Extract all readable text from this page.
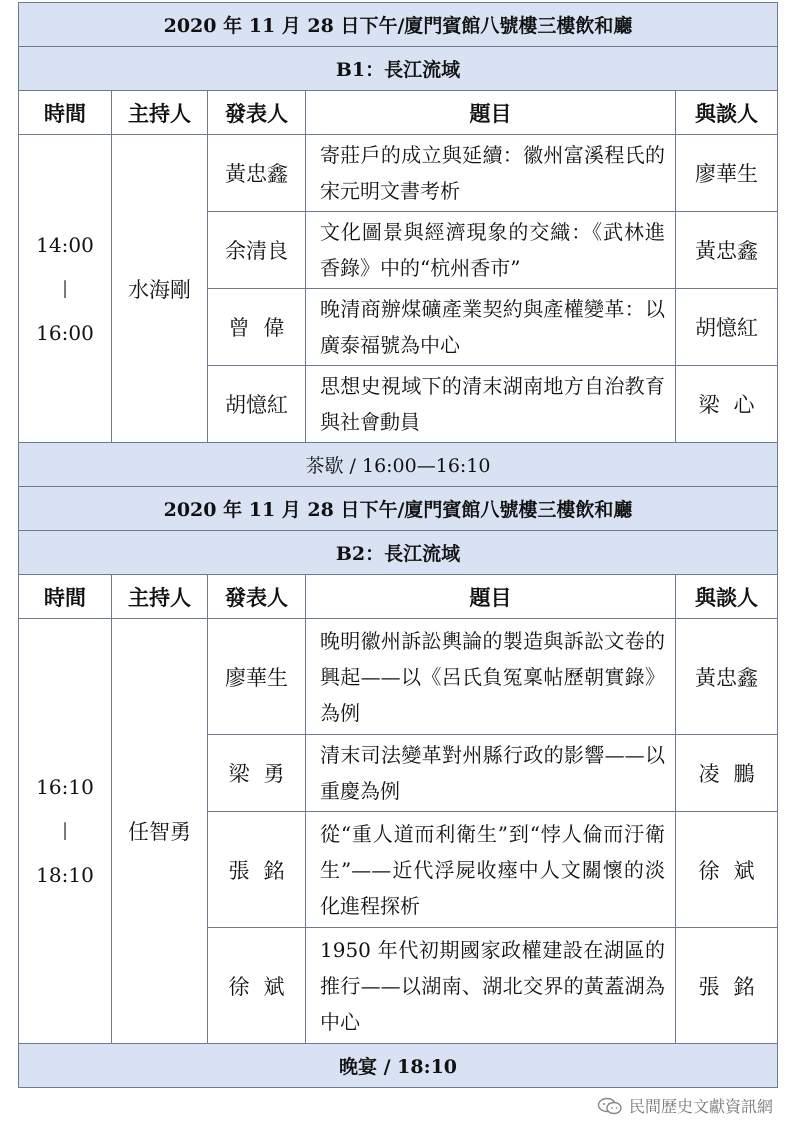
2020 年 11 月 28 日下午/廈門賓館八號樓三樓飲和廳				
B1：長江流域				
時間	主持人	發表人	題目	與談人
14:00
|
16:00	水海剛	黃忠鑫	寄莊戶的成立與延續：徽州富溪程氏的宋元明文書考析	廖華生
		余清良	文化圖景與經濟現象的交織：《武林進香錄》中的“杭州香市”	黃忠鑫
		曾偉	晚清商辦煤礦產業契約與產權變革：以廣泰福號為中心	胡憶紅
		胡憶紅	思想史視域下的清末湖南地方自治教育與社會動員	梁心
茶歇 / 16:00—16:10				
2020 年 11 月 28 日下午/廈門賓館八號樓三樓飲和廳				
B2：長江流域				
時間	主持人	發表人	題目	與談人
16:10
|
18:10	任智勇	廖華生	晚明徽州訴訟輿論的製造與訴訟文卷的興起——以《呂氏負冤稟帖歷朝實錄》為例	黃忠鑫
		梁勇	清末司法變革對州縣行政的影響——以重慶為例	凌鵬
		張銘	從“重人道而利衛生”到“悖人倫而汙衛生”——近代浮屍收瘞中人文關懷的淡化進程探析	徐斌
		徐斌	1950 年代初期國家政權建設在湖區的推行——以湖南、湖北交界的黃蓋湖為中心	張銘
晚宴 / 18:10				
民間歷史文獻資訊網
